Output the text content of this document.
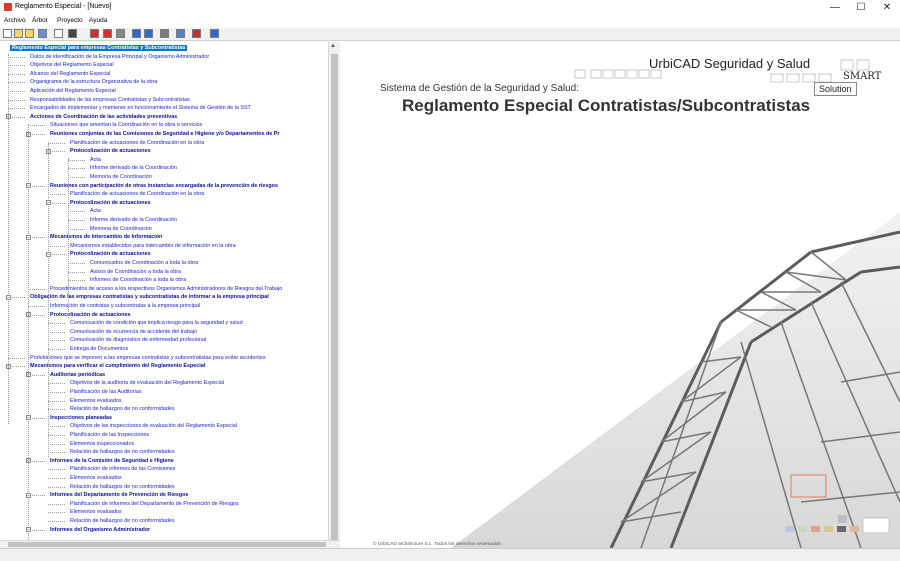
Reglamento Especial - [Nuevo]	—	☐	✕
Archivo Árbol Proyecto Ayuda
Reglamento Especial para empresas Contratistas y Subcontratistas
Datos de identificación de la Empresa Principal y Organismo Administrador
Objetivos del Reglamento Especial
Alcance del Reglamento Especial
Organigrama de la estructura Organizativa de la obra
Aplicación del Reglamento Especial
Responsabilidades de las empresas Contratistas y Subcontratistas
Encargados de implementar y mantener en funcionamiento el Sistema de Gestión de la SST
−	Acciones de Coordinación de las actividades preventivas
Situaciones que ameritan la Coordinación en la obra o servicios
−	Reuniones conjuntas de las Comisiones de Seguridad e Higiene y/o Departamentos de Pr
Planificación de actuaciones de Coordinación en la obra
−	Protocolización de actuaciones
Acta
Informe derivado de la Coordinación
Memoria de Coordinación
−	Reuniones con participación de otras instancias encargadas de la prevención de riesgos
Planificación de actuaciones de Coordinación en la obra
−	Protocolización de actuaciones
Acta
Informe derivado de la Coordinación
Memoria de Coordinación
−	Mecanismos de intercambio de Información
Mecanismos establecidos para intercambio de información en la obra
−	Protocolización de actuaciones
Comunicados de Coordinación a toda la obra
Avisos de Coordinación a toda la obra
Informes de Coordinación a toda la obra
Procedimientos de acceso a los respectivos Organismos Administradores de Riesgos del Trabajo
−	Obligación de las empresas contratistas y subcontratistas de informar a la empresa principal
Información de contratas y subcontratas a la empresa principal
−	Protocolización de actuaciones
Comunicación de condición que implica riesgo para la seguridad y salud
Comunicación de ocurrencia de accidente del trabajo
Comunicación de diagnóstico de enfermedad profesional
Entrega de Documentos
Prohibiciones que se imponen a las empresas contratistas y subcontratistas para evitar accidentes
−	Mecanismos para verificar el cumplimiento del Reglamento Especial
−	Auditorías periódicas
Objetivos de la auditoría de evaluación del Reglamento Especial
Planificación de las Auditorías
Elementos evaluados
Relación de hallazgos de no conformidades
−	Inspecciones planeadas
Objetivos de las inspecciones de evaluación del Reglamento Especial
Planificación de las Inspecciones
Elementos inspeccionados
Relación de hallazgos de no conformidades
−	Informes de la Comisión de Seguridad e Higiene
Planificación de informes de las Comisiones
Elementos evaluados
Relación de hallazgos de no conformidades
−	Informes del Departamento de Prevención de Riesgos
Planificación de informes del Departamento de Prevención de Riesgos
Elementos evaluados
Relación de hallazgos de no conformidades
−	Informes del Organismo Administrador
▲
UrbiCAD Seguridad y Salud
SMART
Solution
Sistema de Gestión de la Seguridad y Salud:
Reglamento Especial Contratistas/Subcontratistas
© UrbiCAD architecture S.L. Todos los derechos reservados
